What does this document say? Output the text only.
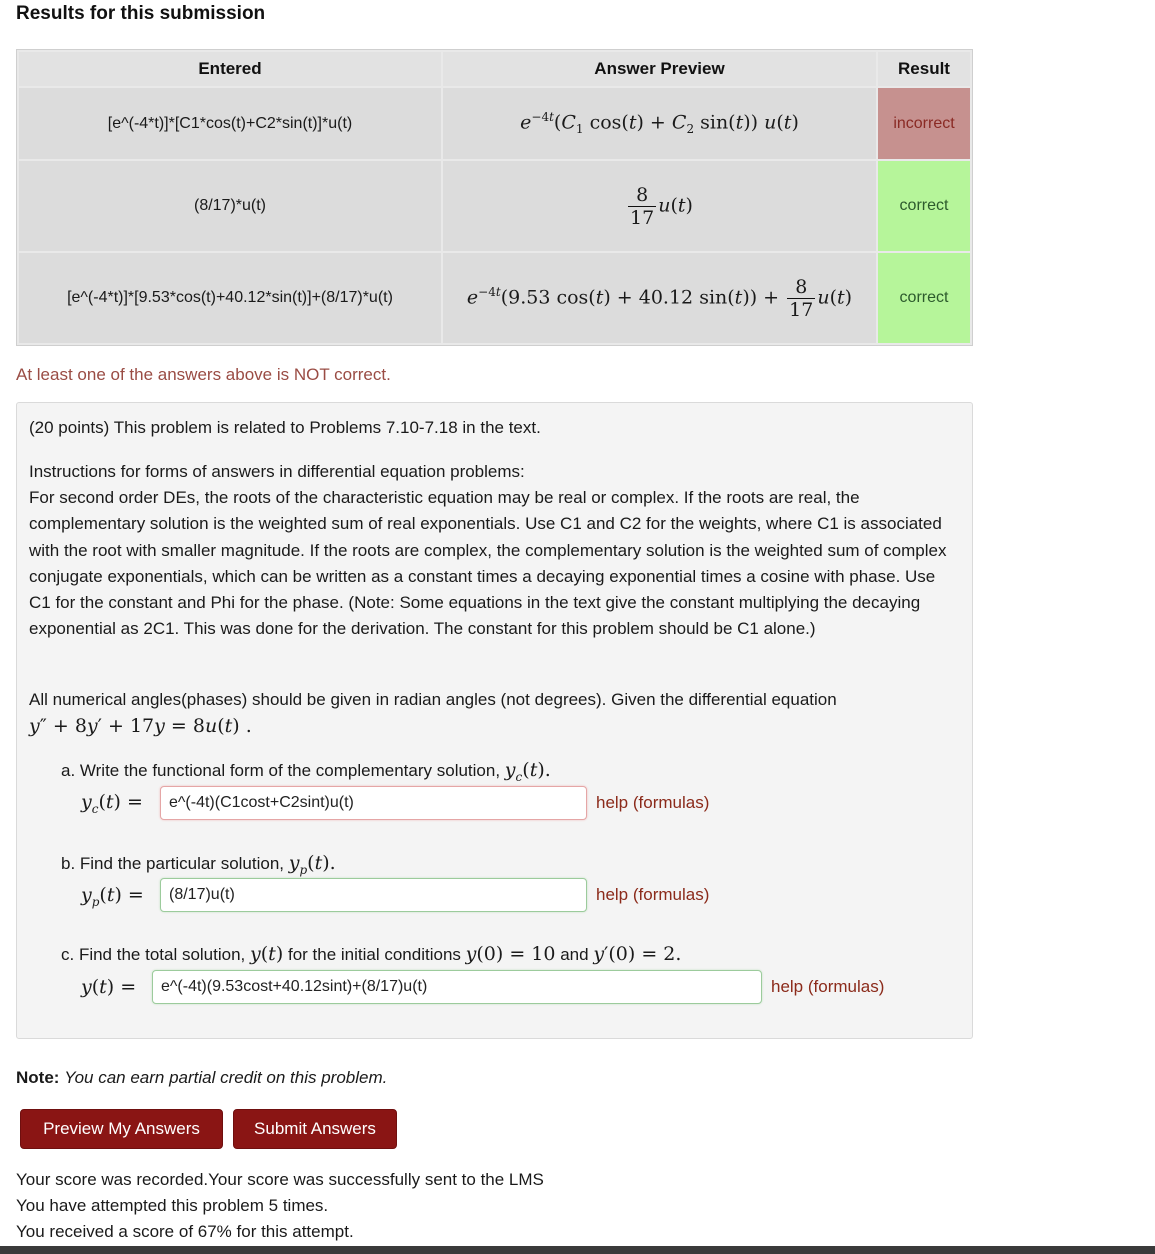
Results for this submission
Entered	Answer Preview	Result
[e^(-4*t)]*[C1*cos(t)+C2*sin(t)]*u(t)	$e^{-4t}(C_1$ $\cos(t) + C_2$ sin(t)) u(t)	incorrect
(8/17)*u(t)	$\frac{8}{17} u(t)$	correct
[e^(-4*t)]*[9.53*cos(t)+40.12*sin(t)]+(8/17)*u(t)	$e^{-4t}(9.53$ cos(t) + 40.12 $\sin(t)) + \frac{8}{17} u(t)$	correct
At least one of the answers above is NOT correct.
(20 points) This problem is related to Problems 7.10-7.18 in the text.
Instructions for forms of answers in differential equation problems:
For second order DEs, the roots of the characteristic equation may be real or complex. If the roots are real, the complementary solution is the weighted sum of real exponentials. Use C1 and C2 for the weights, where C1 is associated with the root with smaller magnitude. If the roots are complex, the complementary solution is the weighted sum of complex conjugate exponentials, which can be written as a constant times a decaying exponential times a cosine with phase. Use C1 for the constant and Phi for the phase. (Note: Some equations in the text give the constant multiplying the decaying exponential as 2C1. This was done for the derivation. The constant for this problem should be C1 alone.)
All numerical angles(phases) should be given in radian angles (not degrees). Given the differential equation
y″ + 8y′ + 17y = 8u(t) .
a. Write the functional form of the complementary solution, $y_c(t)$.
$y_c(t)$ =	e^(-4t)(C1cost+C2sint)u(t)	help (formulas)
b. Find the particular solution, $y_p(t)$.
$y_p(t)$ =	(8/17)u(t)	help (formulas)
c. Find the total solution, y(t) for the initial conditions y(0) = 10 and y′(0) = 2.
y(t) =	e^(-4t)(9.53cost+40.12sint)+(8/17)u(t)	help (formulas)
Note: You can earn partial credit on this problem.
Preview My Answers	Submit Answers
Your score was recorded.Your score was successfully sent to the LMS
You have attempted this problem 5 times.
You received a score of 67% for this attempt.
